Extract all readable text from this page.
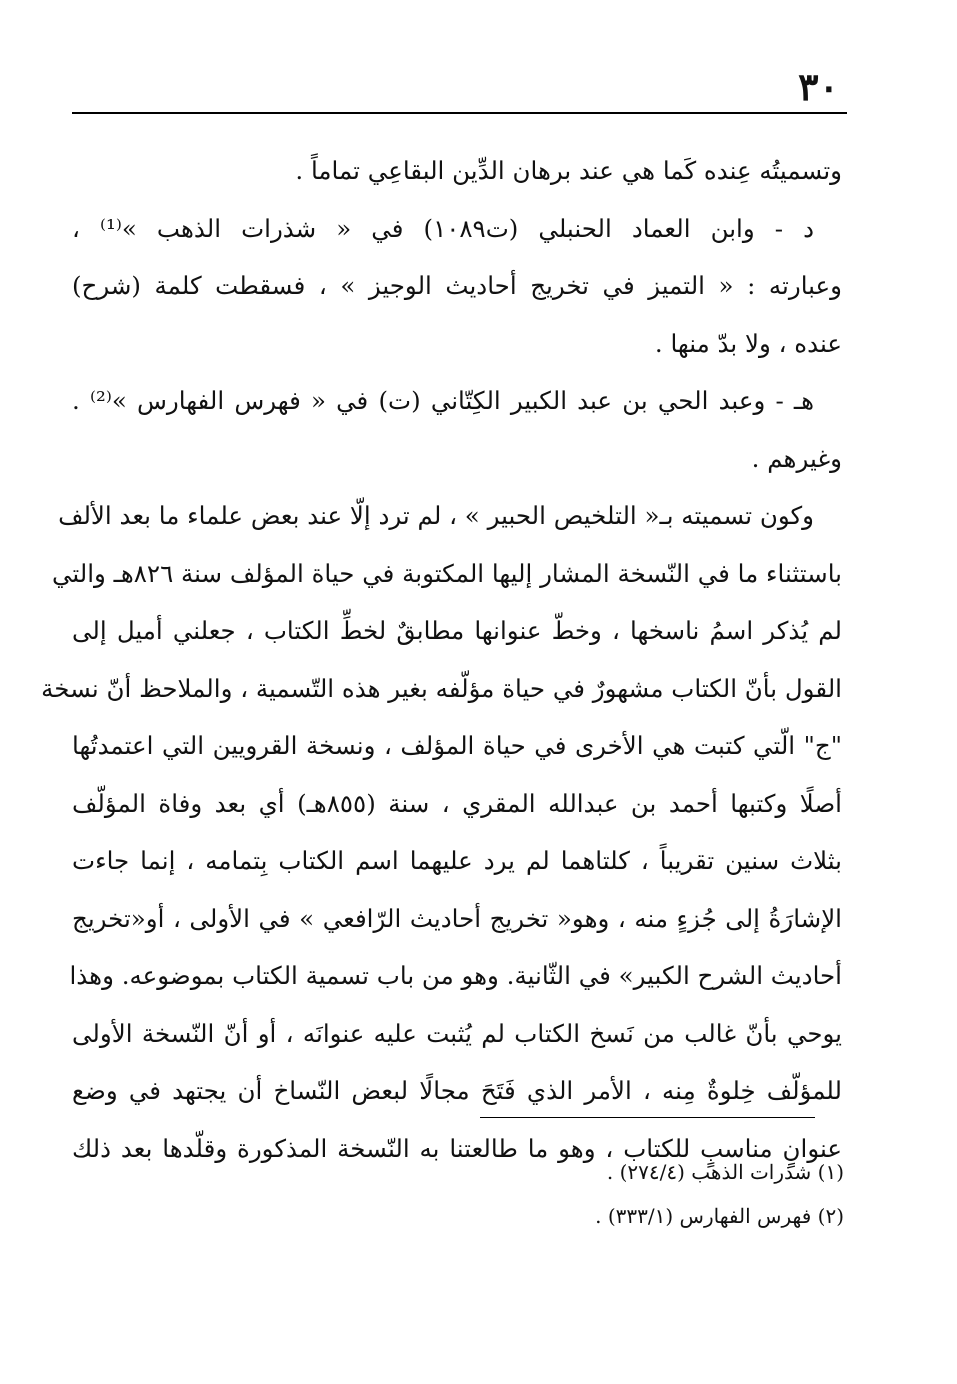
٣٠
وتسميتُه عِنده كَما هي عند برهان الدِّين البقاعِي تماماً .
د - وابن العماد الحنبلي (ت١٠٨٩) في « شذرات الذهب »⁽¹⁾ ،
وعبارته : « التميز في تخريج أحاديث الوجيز » ، فسقطت كلمة (شرح)
عنده ، ولا بدّ منها .
هـ - وعبد الحي بن عبد الكبير الكِتّاني (ت) في « فهرس الفهارس »⁽²⁾ .
وغيرهم .
وكون تسميته بـ« التلخيص الحبير » ، لم ترد إلّا عند بعض علماء ما بعد الألف
باستثناء ما في النّسخة المشار إليها المكتوبة في حياة المؤلف سنة ٨٢٦هـ والتي
لم يُذكر اسمُ ناسخها ، وخطّ عنوانها مطابقٌ لخطِّ الكتاب ، جعلني أميل إلى
القول بأنّ الكتاب مشهورٌ في حياة مؤلّفه بغير هذه التّسمية ، والملاحظ أنّ نسخة
"ج" الّتي كتبت هي الأخرى في حياة المؤلف ، ونسخة القرويين التي اعتمدتُها
أصلًا وكتبها أحمد بن عبدالله المقري ، سنة (٨٥٥هـ) أي بعد وفاة المؤلّف
بثلاث سنين تقريباً ، كلتاهما لم يرد عليهما اسم الكتاب بِتمامه ، إنما جاءت
الإشارَةُ إلى جُزءٍ منه ، وهو« تخريج أحاديث الرّافعي » في الأولى ، أو«تخريج
أحاديث الشرح الكبير» في الثّانية. وهو من باب تسمية الكتاب بموضوعه. وهذا
يوحي بأنّ غالب من نَسخ الكتاب لم يُثبت عليه عنوانَه ، أو أنّ النّسخة الأولى
للمؤلّف خِلوةٌ مِنه ، الأمر الذي فَتَحَ مجالًا لبعض النّساخ أن يجتهد في وضع
عنوانٍ مناسبٍ للكتاب ، وهو ما طالعتنا به النّسخة المذكورة وقلّدها بعد ذلك
(١) شذرات الذهب (٢٧٤/٤) .
(٢) فهرس الفهارس (٣٣٣/١) .
